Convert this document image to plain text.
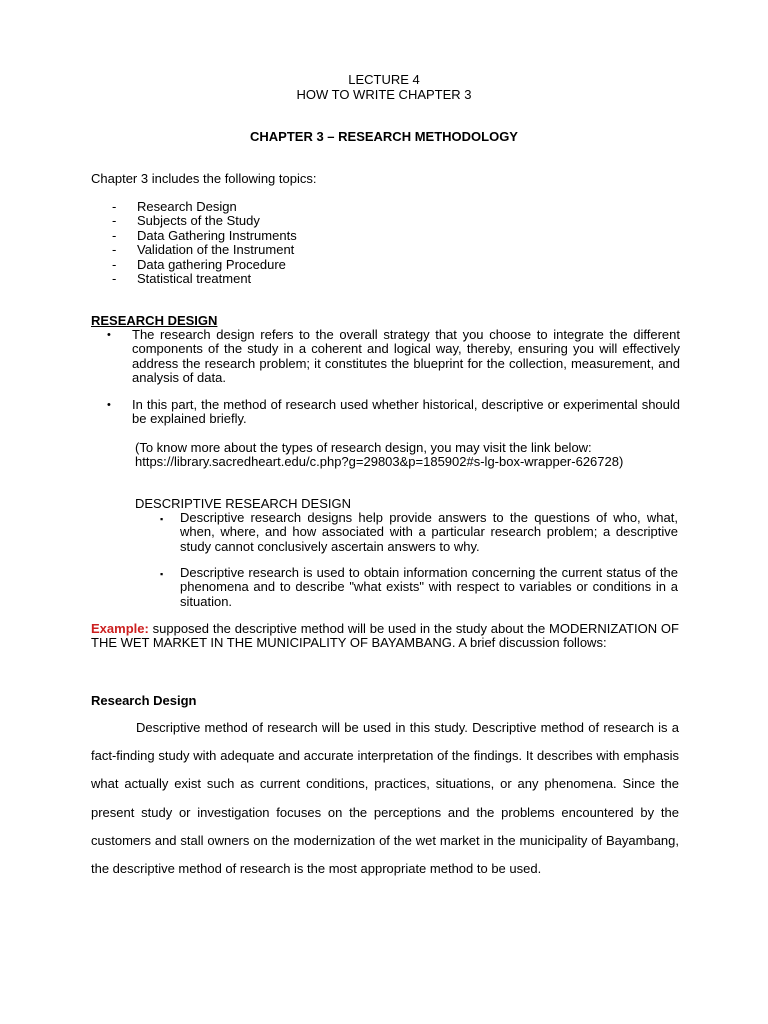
LECTURE 4
HOW TO WRITE CHAPTER 3
CHAPTER 3 – RESEARCH METHODOLOGY
Chapter 3 includes the following topics:
-	Research Design
-	Subjects of the Study
-	Data Gathering Instruments
-	Validation of the Instrument
-	Data gathering Procedure
-	Statistical treatment
RESEARCH DESIGN
•	The research design refers to the overall strategy that you choose to integrate the different components of the study in a coherent and logical way, thereby, ensuring you will effectively address the research problem; it constitutes the blueprint for the collection, measurement, and analysis of data.
•	In this part, the method of research used whether historical, descriptive or experimental should be explained briefly.
(To know more about the types of research design, you may visit the link below: https://library.sacredheart.edu/c.php?g=29803&p=185902#s-lg-box-wrapper-626728)
DESCRIPTIVE RESEARCH DESIGN
▪	Descriptive research designs help provide answers to the questions of who, what, when, where, and how associated with a particular research problem; a descriptive study cannot conclusively ascertain answers to why.
▪	Descriptive research is used to obtain information concerning the current status of the phenomena and to describe "what exists" with respect to variables or conditions in a situation.
Example: supposed the descriptive method will be used in the study about the MODERNIZATION OF THE WET MARKET IN THE MUNICIPALITY OF BAYAMBANG. A brief discussion follows:
Research Design
Descriptive method of research will be used in this study. Descriptive method of research is a fact-finding study with adequate and accurate interpretation of the findings. It describes with emphasis what actually exist such as current conditions, practices, situations, or any phenomena. Since the present study or investigation focuses on the perceptions and the problems encountered by the customers and stall owners on the modernization of the wet market in the municipality of Bayambang, the descriptive method of research is the most appropriate method to be used.
